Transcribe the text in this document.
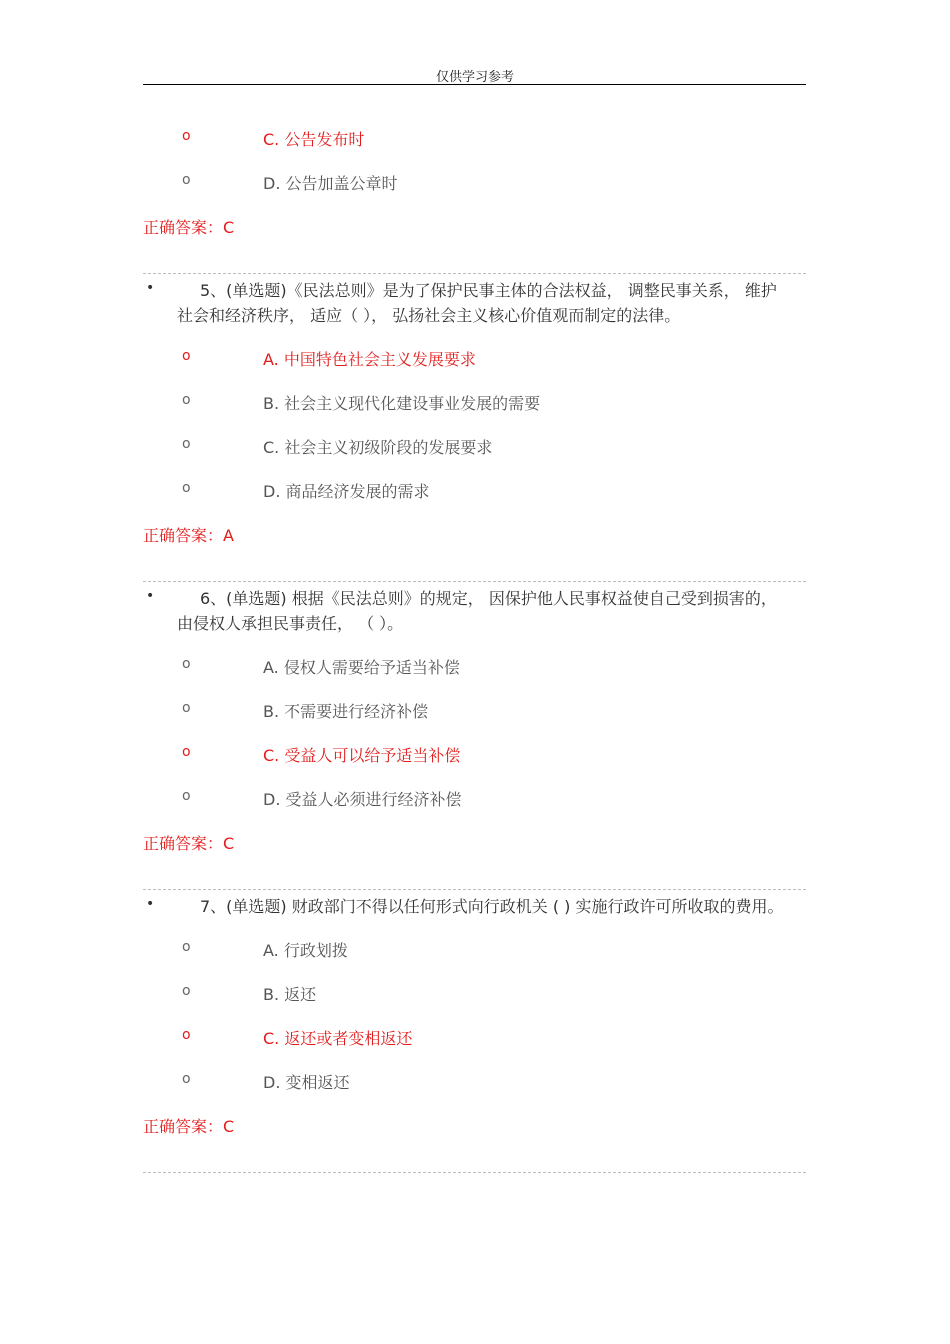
仅供学习参考
o	C. 公告发布时
o	D. 公告加盖公章时
正确答案：C
•	5、(单选题)《民法总则》是为了保护民事主体的合法权益， 调整民事关系， 维护
社会和经济秩序， 适应（ ）， 弘扬社会主义核心价值观而制定的法律。
o	A. 中国特色社会主义发展要求
o	B. 社会主义现代化建设事业发展的需要
o	C. 社会主义初级阶段的发展要求
o	D. 商品经济发展的需求
正确答案：A
•	6、(单选题) 根据《民法总则》的规定， 因保护他人民事权益使自己受到损害的，
由侵权人承担民事责任， （ ）。
o	A. 侵权人需要给予适当补偿
o	B. 不需要进行经济补偿
o	C. 受益人可以给予适当补偿
o	D. 受益人必须进行经济补偿
正确答案：C
•	7、(单选题) 财政部门不得以任何形式向行政机关 ( ) 实施行政许可所收取的费用。
o	A. 行政划拨
o	B. 返还
o	C. 返还或者变相返还
o	D. 变相返还
正确答案：C
